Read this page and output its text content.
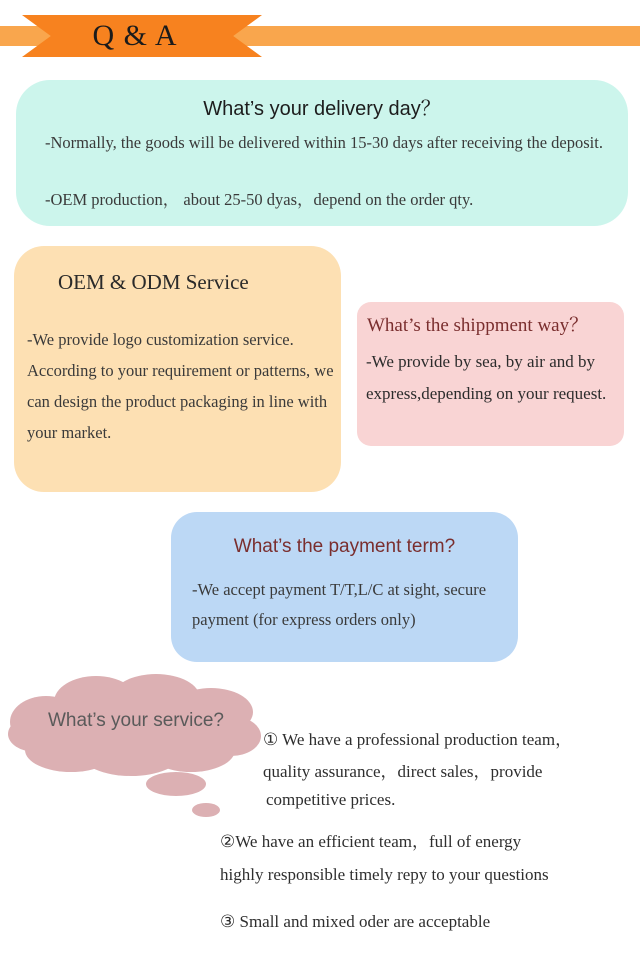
Q & A
What’s your delivery day？
-Normally, the goods will be delivered within 15-30 days after receiving the deposit.
-OEM production， about 25-50 dyas，depend on the order qty.
OEM & ODM Service
-We provide logo customization service. According to your requirement or patterns, we can design the product packaging in line with your market.
What’s the shippment way？
-We provide by sea, by air and by express,depending on your request.
What’s the payment term?
-We accept payment T/T,L/C at sight, secure payment (for express orders only)
What’s your service?
① We have a professional production team，
quality assurance，direct sales，provide
competitive prices.
②We have an efficient team，full of energy
highly responsible timely repy to your questions
③ Small and mixed oder are acceptable
